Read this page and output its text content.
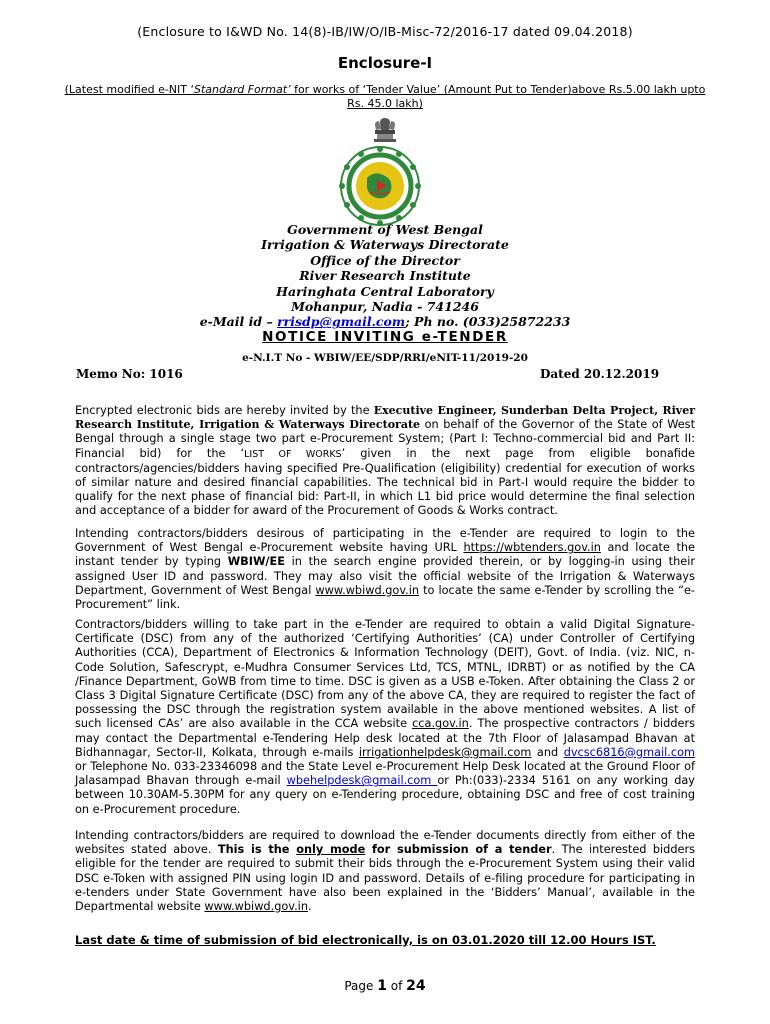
(Enclosure to I&WD No. 14(8)-IB/IW/O/IB-Misc-72/2016-17 dated 09.04.2018)
Enclosure-I
(Latest modified e-NIT ‘Standard Format’ for works of ‘Tender Value’ (Amount Put to Tender)above Rs.5.00 lakh upto Rs. 45.0 lakh)
Government of West Bengal
Irrigation & Waterways Directorate
Office of the Director
River Research Institute
Haringhata Central Laboratory
Mohanpur, Nadia - 741246
e-Mail id – rrisdp@gmail.com; Ph no. (033)25872233
NOTICE INVITING e-TENDER
e-N.I.T No - WBIW/EE/SDP/RRI/eNIT-11/2019-20
Memo No: 1016	Dated 20.12.2019
Encrypted electronic bids are hereby invited by the Executive Engineer, Sunderban Delta Project, River Research Institute, Irrigation & Waterways Directorate on behalf of the Governor of the State of West Bengal through a single stage two part e-Procurement System; (Part I: Techno-commercial bid and Part II: Financial bid) for the ‘LIST OF WORKS’ given in the next page from eligible bonafide contractors/agencies/bidders having specified Pre-Qualification (eligibility) credential for execution of works of similar nature and desired financial capabilities. The technical bid in Part-I would require the bidder to qualify for the next phase of financial bid: Part-II, in which L1 bid price would determine the final selection and acceptance of a bidder for award of the Procurement of Goods & Works contract.
Intending contractors/bidders desirous of participating in the e-Tender are required to login to the Government of West Bengal e-Procurement website having URL https://wbtenders.gov.in and locate the instant tender by typing WBIW/EE in the search engine provided therein, or by logging-in using their assigned User ID and password. They may also visit the official website of the Irrigation & Waterways Department, Government of West Bengal www.wbiwd.gov.in to locate the same e-Tender by scrolling the “e-Procurement” link.
Contractors/bidders willing to take part in the e-Tender are required to obtain a valid Digital Signature-Certificate (DSC) from any of the authorized ‘Certifying Authorities’ (CA) under Controller of Certifying Authorities (CCA), Department of Electronics & Information Technology (DEIT), Govt. of India. (viz. NIC, n-Code Solution, Safescrypt, e-Mudhra Consumer Services Ltd, TCS, MTNL, IDRBT) or as notified by the CA /Finance Department, GoWB from time to time. DSC is given as a USB e-Token. After obtaining the Class 2 or Class 3 Digital Signature Certificate (DSC) from any of the above CA, they are required to register the fact of possessing the DSC through the registration system available in the above mentioned websites. A list of such licensed CAs’ are also available in the CCA website cca.gov.in. The prospective contractors / bidders may contact the Departmental e-Tendering Help desk located at the 7th Floor of Jalasampad Bhavan at Bidhannagar, Sector-II, Kolkata, through e-mails irrigationhelpdesk@gmail.com and dvcsc6816@gmail.com or Telephone No. 033-23346098 and the State Level e-Procurement Help Desk located at the Ground Floor of Jalasampad Bhavan through e-mail wbehelpdesk@gmail.com or Ph:(033)-2334 5161 on any working day between 10.30AM-5.30PM for any query on e-Tendering procedure, obtaining DSC and free of cost training on e-Procurement procedure.
Intending contractors/bidders are required to download the e-Tender documents directly from either of the websites stated above. This is the only mode for submission of a tender. The interested bidders eligible for the tender are required to submit their bids through the e-Procurement System using their valid DSC e-Token with assigned PIN using login ID and password. Details of e-filing procedure for participating in e-tenders under State Government have also been explained in the ‘Bidders’ Manual’, available in the Departmental website www.wbiwd.gov.in.
Last date & time of submission of bid electronically, is on 03.01.2020 till 12.00 Hours IST.
Page 1 of 24
